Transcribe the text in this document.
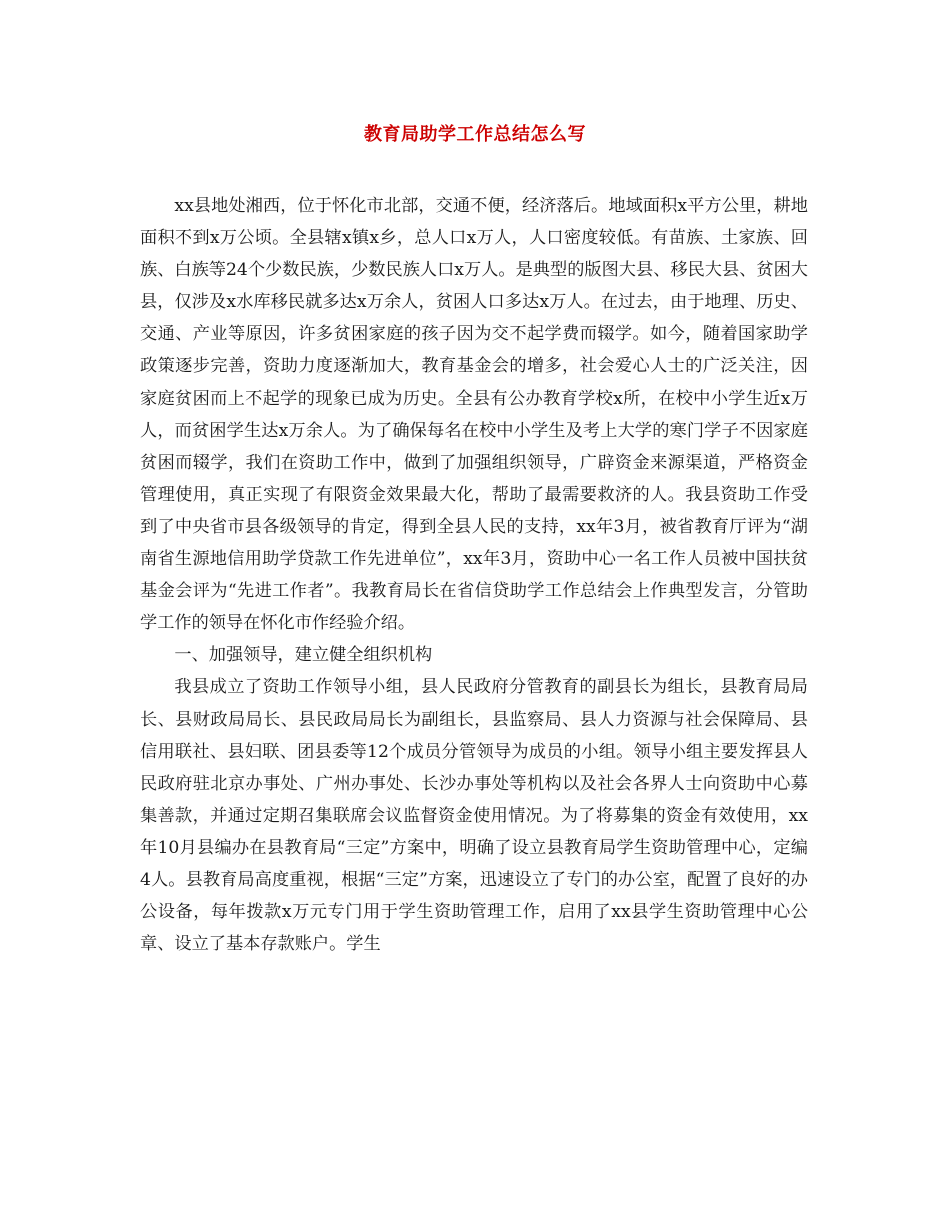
教育局助学工作总结怎么写

xx县地处湘西，位于怀化市北部，交通不便，经济落后。地域面积x平方公里，耕地面积不到x万公顷。全县辖x镇x乡，总人口x万人，人口密度较低。有苗族、土家族、回族、白族等24个少数民族，少数民族人口x万人。是典型的版图大县、移民大县、贫困大县，仅涉及x水库移民就多达x万余人，贫困人口多达x万人。在过去，由于地理、历史、交通、产业等原因，许多贫困家庭的孩子因为交不起学费而辍学。如今，随着国家助学政策逐步完善，资助力度逐渐加大，教育基金会的增多，社会爱心人士的广泛关注，因家庭贫困而上不起学的现象已成为历史。全县有公办教育学校x所，在校中小学生近x万人，而贫困学生达x万余人。为了确保每名在校中小学生及考上大学的寒门学子不因家庭贫困而辍学，我们在资助工作中，做到了加强组织领导，广辟资金来源渠道，严格资金管理使用，真正实现了有限资金效果最大化，帮助了最需要救济的人。我县资助工作受到了中央省市县各级领导的肯定，得到全县人民的支持，xx年3月，被省教育厅评为“湖南省生源地信用助学贷款工作先进单位”，xx年3月，资助中心一名工作人员被中国扶贫基金会评为“先进工作者”。我教育局长在省信贷助学工作总结会上作典型发言，分管助学工作的领导在怀化市作经验介绍。

一、加强领导，建立健全组织机构

我县成立了资助工作领导小组，县人民政府分管教育的副县长为组长，县教育局局长、县财政局局长、县民政局局长为副组长，县监察局、县人力资源与社会保障局、县信用联社、县妇联、团县委等12个成员分管领导为成员的小组。领导小组主要发挥县人民政府驻北京办事处、广州办事处、长沙办事处等机构以及社会各界人士向资助中心募集善款，并通过定期召集联席会议监督资金使用情况。为了将募集的资金有效使用，xx年10月县编办在县教育局“三定”方案中，明确了设立县教育局学生资助管理中心，定编4人。县教育局高度重视，根据“三定”方案，迅速设立了专门的办公室，配置了良好的办公设备，每年拨款x万元专门用于学生资助管理工作，启用了xx县学生资助管理中心公章、设立了基本存款账户。学生
